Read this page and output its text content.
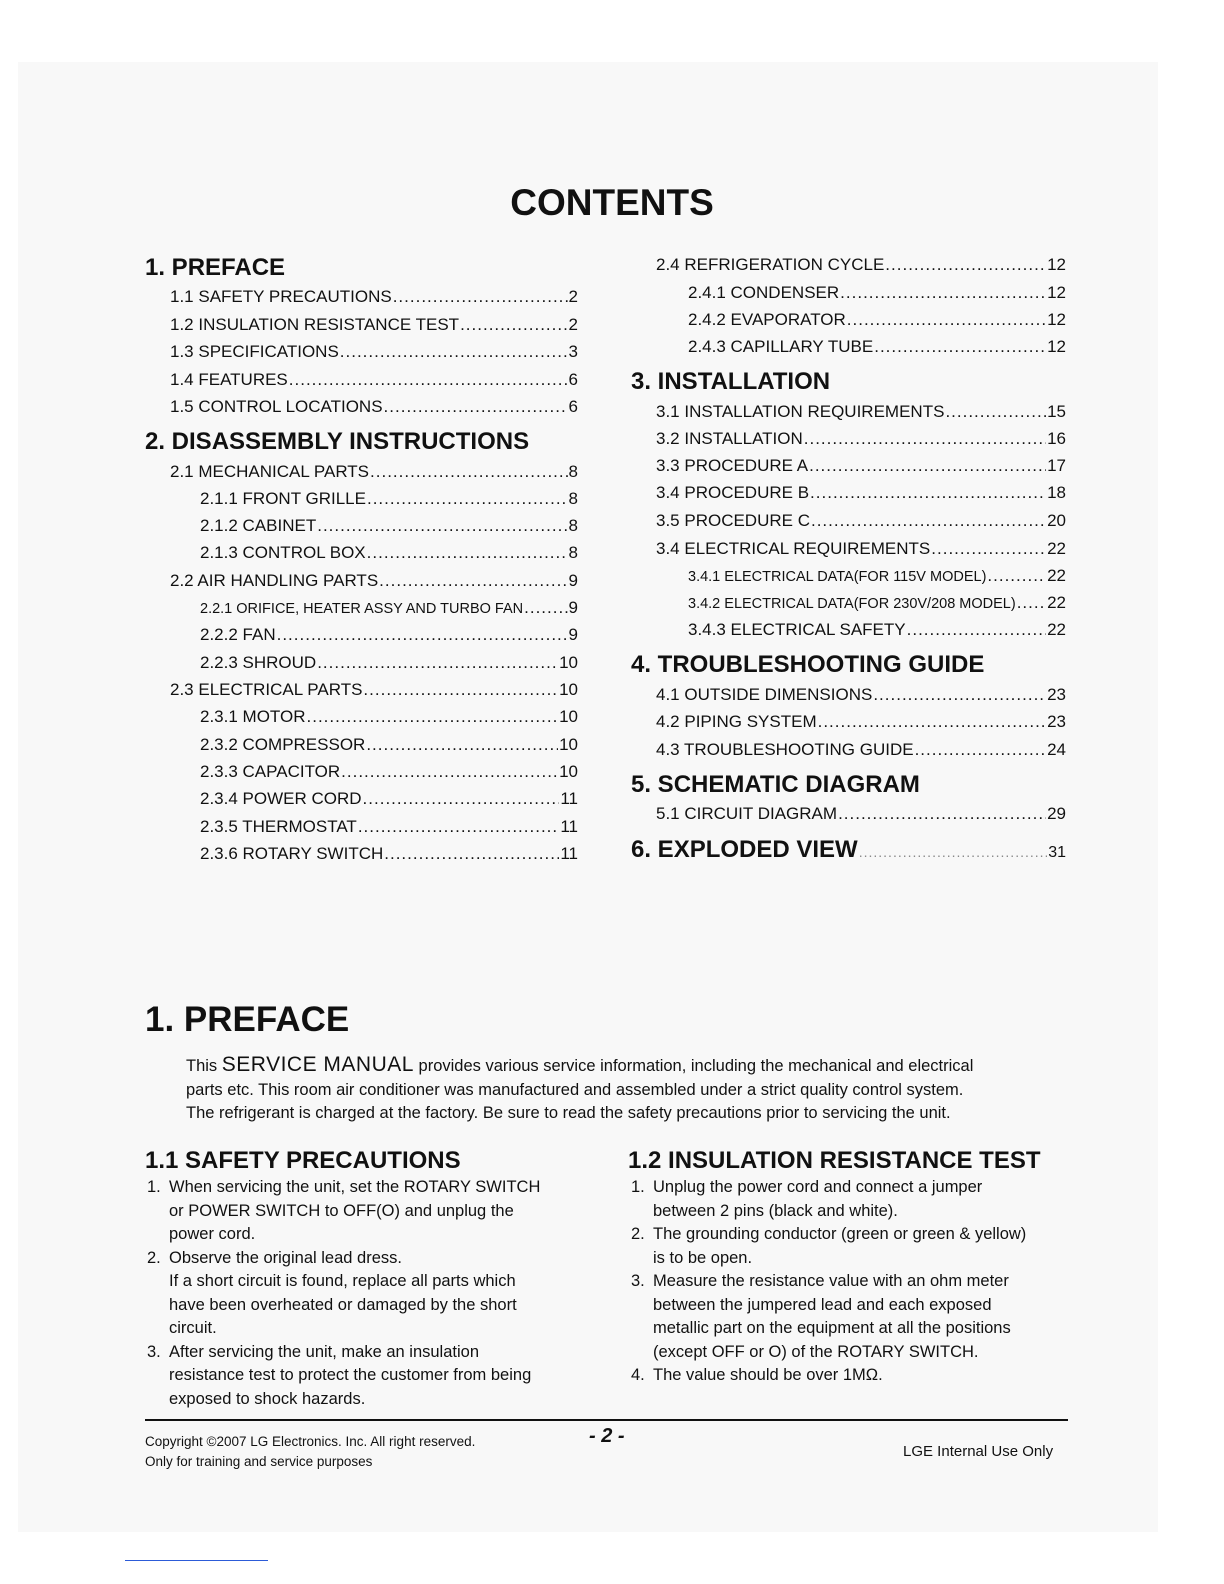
CONTENTS
1. PREFACE
1.1 SAFETY PRECAUTIONS .....	2
1.2 INSULATION RESISTANCE TEST .....	2
1.3 SPECIFICATIONS .....	3
1.4 FEATURES .....	6
1.5 CONTROL LOCATIONS .....	6
2. DISASSEMBLY INSTRUCTIONS
2.1 MECHANICAL PARTS .....	8
2.1.1 FRONT GRILLE .....	8
2.1.2 CABINET .....	8
2.1.3 CONTROL BOX .....	8
2.2 AIR HANDLING PARTS .....	9
2.2.1 ORIFICE, HEATER ASSY AND TURBO FAN .....	9
2.2.2 FAN .....	9
2.2.3 SHROUD .....	10
2.3 ELECTRICAL PARTS .....	10
2.3.1 MOTOR .....	10
2.3.2 COMPRESSOR .....	10
2.3.3 CAPACITOR .....	10
2.3.4 POWER CORD .....	11
2.3.5 THERMOSTAT .....	11
2.3.6 ROTARY SWITCH .....	11
2.4 REFRIGERATION CYCLE .....	12
2.4.1 CONDENSER .....	12
2.4.2 EVAPORATOR .....	12
2.4.3 CAPILLARY TUBE .....	12
3. INSTALLATION
3.1 INSTALLATION REQUIREMENTS .....	15
3.2 INSTALLATION .....	16
3.3 PROCEDURE A .....	17
3.4 PROCEDURE B .....	18
3.5 PROCEDURE C .....	20
3.4 ELECTRICAL REQUIREMENTS .....	22
3.4.1 ELECTRICAL DATA(FOR 115V MODEL) .....	22
3.4.2 ELECTRICAL DATA(FOR 230V/208 MODEL) ..... 22
3.4.3 ELECTRICAL SAFETY .....	22
4. TROUBLESHOOTING GUIDE
4.1 OUTSIDE DIMENSIONS .....	23
4.2 PIPING SYSTEM .....	23
4.3 TROUBLESHOOTING GUIDE .....	24
5. SCHEMATIC DIAGRAM
5.1 CIRCUIT DIAGRAM .....	29
6. EXPLODED VIEW .....	31
1. PREFACE
This SERVICE MANUAL provides various service information, including the mechanical and electrical
parts etc. This room air conditioner was manufactured and assembled under a strict quality control system.
The refrigerant is charged at the factory. Be sure to read the safety precautions prior to servicing the unit.
1.1 SAFETY PRECAUTIONS
1. When servicing the unit, set the ROTARY SWITCH
or POWER SWITCH to OFF(O) and unplug the
power cord.
2. Observe the original lead dress.
If a short circuit is found, replace all parts which
have been overheated or damaged by the short
circuit.
3. After servicing the unit, make an insulation
resistance test to protect the customer from being
exposed to shock hazards.
1.2 INSULATION RESISTANCE TEST
1. Unplug the power cord and connect a jumper
between 2 pins (black and white).
2. The grounding conductor (green or green & yellow)
is to be open.
3. Measure the resistance value with an ohm meter
between the jumpered lead and each exposed
metallic part on the equipment at all the positions
(except OFF or O) of the ROTARY SWITCH.
4. The value should be over 1MΩ.
Copyright ©2007 LG Electronics. Inc. All right reserved.
Only for training and service purposes
- 2 -
LGE Internal Use Only
